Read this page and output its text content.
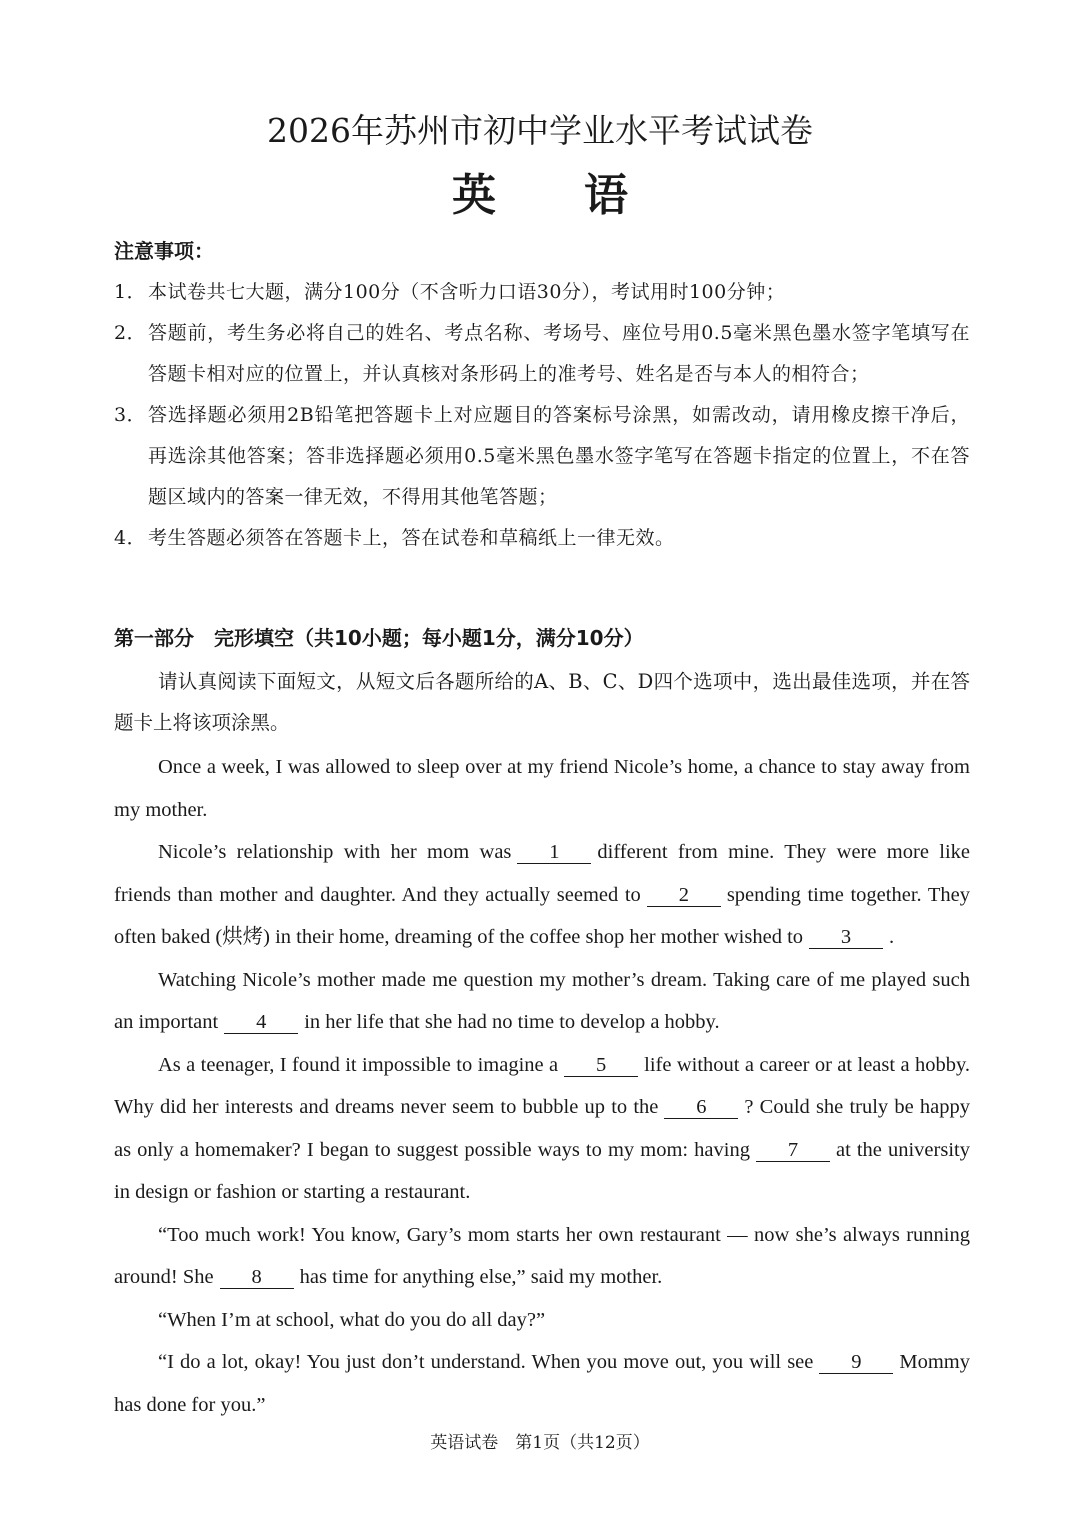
2026年苏州市初中学业水平考试试卷
英　　语
注意事项：
1． 本试卷共七大题，满分100分（不含听力口语30分），考试用时100分钟；
2． 答题前，考生务必将自己的姓名、考点名称、考场号、座位号用0.5毫米黑色墨水签字笔填写在答题卡相对应的位置上，并认真核对条形码上的准考号、姓名是否与本人的相符合；
3． 答选择题必须用2B铅笔把答题卡上对应题目的答案标号涂黑，如需改动，请用橡皮擦干净后，再选涂其他答案；答非选择题必须用0.5毫米黑色墨水签字笔写在答题卡指定的位置上，不在答题区域内的答案一律无效，不得用其他笔答题；
4． 考生答题必须答在答题卡上，答在试卷和草稿纸上一律无效。
第一部分　完形填空（共10小题；每小题1分，满分10分）
请认真阅读下面短文，从短文后各题所给的A、B、C、D四个选项中，选出最佳选项，并在答题卡上将该项涂黑。

Once a week, I was allowed to sleep over at my friend Nicole’s home, a chance to stay away from my mother.

Nicole’s relationship with her mom was 1 different from mine. They were more like friends than mother and daughter. And they actually seemed to 2 spending time together. They often baked (烘烤) in their home, dreaming of the coffee shop her mother wished to 3 .

Watching Nicole’s mother made me question my mother’s dream. Taking care of me played such an important 4 in her life that she had no time to develop a hobby.

As a teenager, I found it impossible to imagine a 5 life without a career or at least a hobby. Why did her interests and dreams never seem to bubble up to the 6 ? Could she truly be happy as only a homemaker? I began to suggest possible ways to my mom: having 7 at the university in design or fashion or starting a restaurant.

“Too much work! You know, Gary’s mom starts her own restaurant — now she’s always running around! She 8 has time for anything else,” said my mother.

“When I’m at school, what do you do all day?”

“I do a lot, okay! You just don’t understand. When you move out, you will see 9 Mommy has done for you.”

英语试卷　第1页（共12页）
